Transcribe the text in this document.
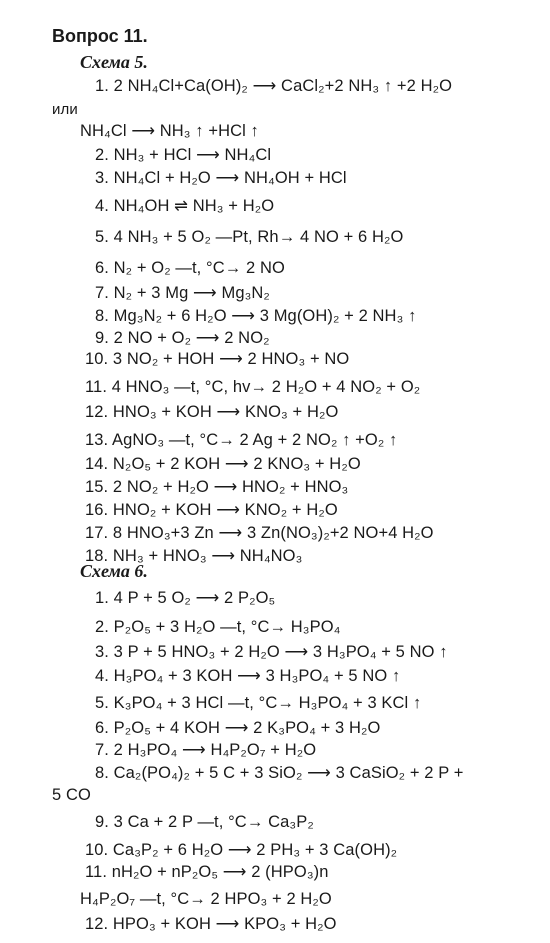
Вопрос 11.
Схема 5.
1. 2 NH₄Cl+Ca(OH)₂ ⟶ CaCl₂+2 NH₃ ↑ +2 H₂O
или
NH₄Cl ⟶ NH₃ ↑ +HCl ↑
2. NH₃ + HCl ⟶ NH₄Cl
3. NH₄Cl + H₂O ⟶ NH₄OH + HCl
4. NH₄OH ⇌ NH₃ + H₂O
5. 4 NH₃ + 5 O₂ —Pt, Rh→ 4 NO + 6 H₂O
6. N₂ + O₂ —t, °C→ 2 NO
7. N₂ + 3 Mg ⟶ Mg₃N₂
8. Mg₃N₂ + 6 H₂O ⟶ 3 Mg(OH)₂ + 2 NH₃ ↑
9. 2 NO + O₂ ⟶ 2 NO₂
10. 3 NO₂ + HOH ⟶ 2 HNO₃ + NO
11. 4 HNO₃ —t, °C, hv→ 2 H₂O + 4 NO₂ + O₂
12. HNO₃ + KOH ⟶ KNO₃ + H₂O
13. AgNO₃ —t, °C→ 2 Ag + 2 NO₂ ↑ +O₂ ↑
14. N₂O₅ + 2 KOH ⟶ 2 KNO₃ + H₂O
15. 2 NO₂ + H₂O ⟶ HNO₂ + HNO₃
16. HNO₂ + KOH ⟶ KNO₂ + H₂O
17. 8 HNO₃+3 Zn ⟶ 3 Zn(NO₃)₂+2 NO+4 H₂O
18. NH₃ + HNO₃ ⟶ NH₄NO₃
Схема 6.
1. 4 P + 5 O₂ ⟶ 2 P₂O₅
2. P₂O₅ + 3 H₂O —t, °C→ H₃PO₄
3. 3 P + 5 HNO₃ + 2 H₂O ⟶ 3 H₃PO₄ + 5 NO ↑
4. H₃PO₄ + 3 KOH ⟶ 3 H₃PO₄ + 5 NO ↑
5. K₃PO₄ + 3 HCl —t, °C→ H₃PO₄ + 3 KCl ↑
6. P₂O₅ + 4 KOH ⟶ 2 K₃PO₄ + 3 H₂O
7. 2 H₃PO₄ ⟶ H₄P₂O₇ + H₂O
8. Ca₂(PO₄)₂ + 5 C + 3 SiO₂ ⟶ 3 CaSiO₂ + 2 P +
5 CO
9. 3 Ca + 2 P —t, °C→ Ca₃P₂
10. Ca₃P₂ + 6 H₂O ⟶ 2 PH₃ + 3 Ca(OH)₂
11. nH₂O + nP₂O₅ ⟶ 2 (HPO₃)n
H₄P₂O₇ —t, °C→ 2 HPO₃ + 2 H₂O
12. HPO₃ + KOH ⟶ KPO₃ + H₂O
